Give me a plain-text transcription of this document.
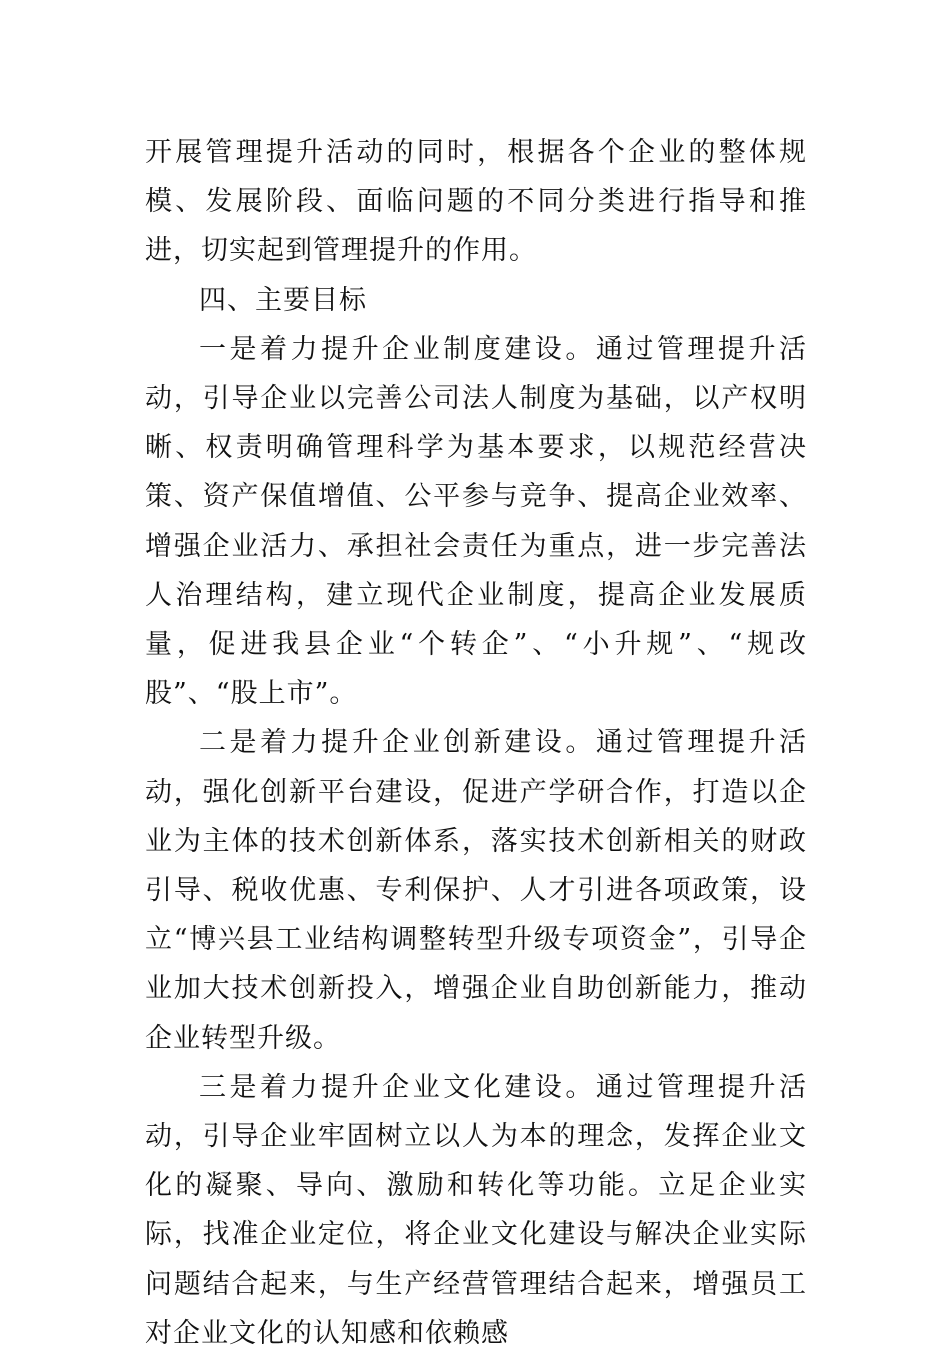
开展管理提升活动的同时，根据各个企业的整体规模、发展阶段、面临问题的不同分类进行指导和推进，切实起到管理提升的作用。

四、主要目标

一是着力提升企业制度建设。通过管理提升活动，引导企业以完善公司法人制度为基础，以产权明晰、权责明确管理科学为基本要求，以规范经营决策、资产保值增值、公平参与竞争、提高企业效率、增强企业活力、承担社会责任为重点，进一步完善法人治理结构，建立现代企业制度，提高企业发展质量，促进我县企业“个转企”、“小升规”、“规改股”、“股上市”。

二是着力提升企业创新建设。通过管理提升活动，强化创新平台建设，促进产学研合作，打造以企业为主体的技术创新体系，落实技术创新相关的财政引导、税收优惠、专利保护、人才引进各项政策，设立“博兴县工业结构调整转型升级专项资金”，引导企业加大技术创新投入，增强企业自助创新能力，推动企业转型升级。

三是着力提升企业文化建设。通过管理提升活动，引导企业牢固树立以人为本的理念，发挥企业文化的凝聚、导向、激励和转化等功能。立足企业实际，找准企业定位，将企业文化建设与解决企业实际问题结合起来，与生产经营管理结合起来，增强员工对企业文化的认知感和依赖感
